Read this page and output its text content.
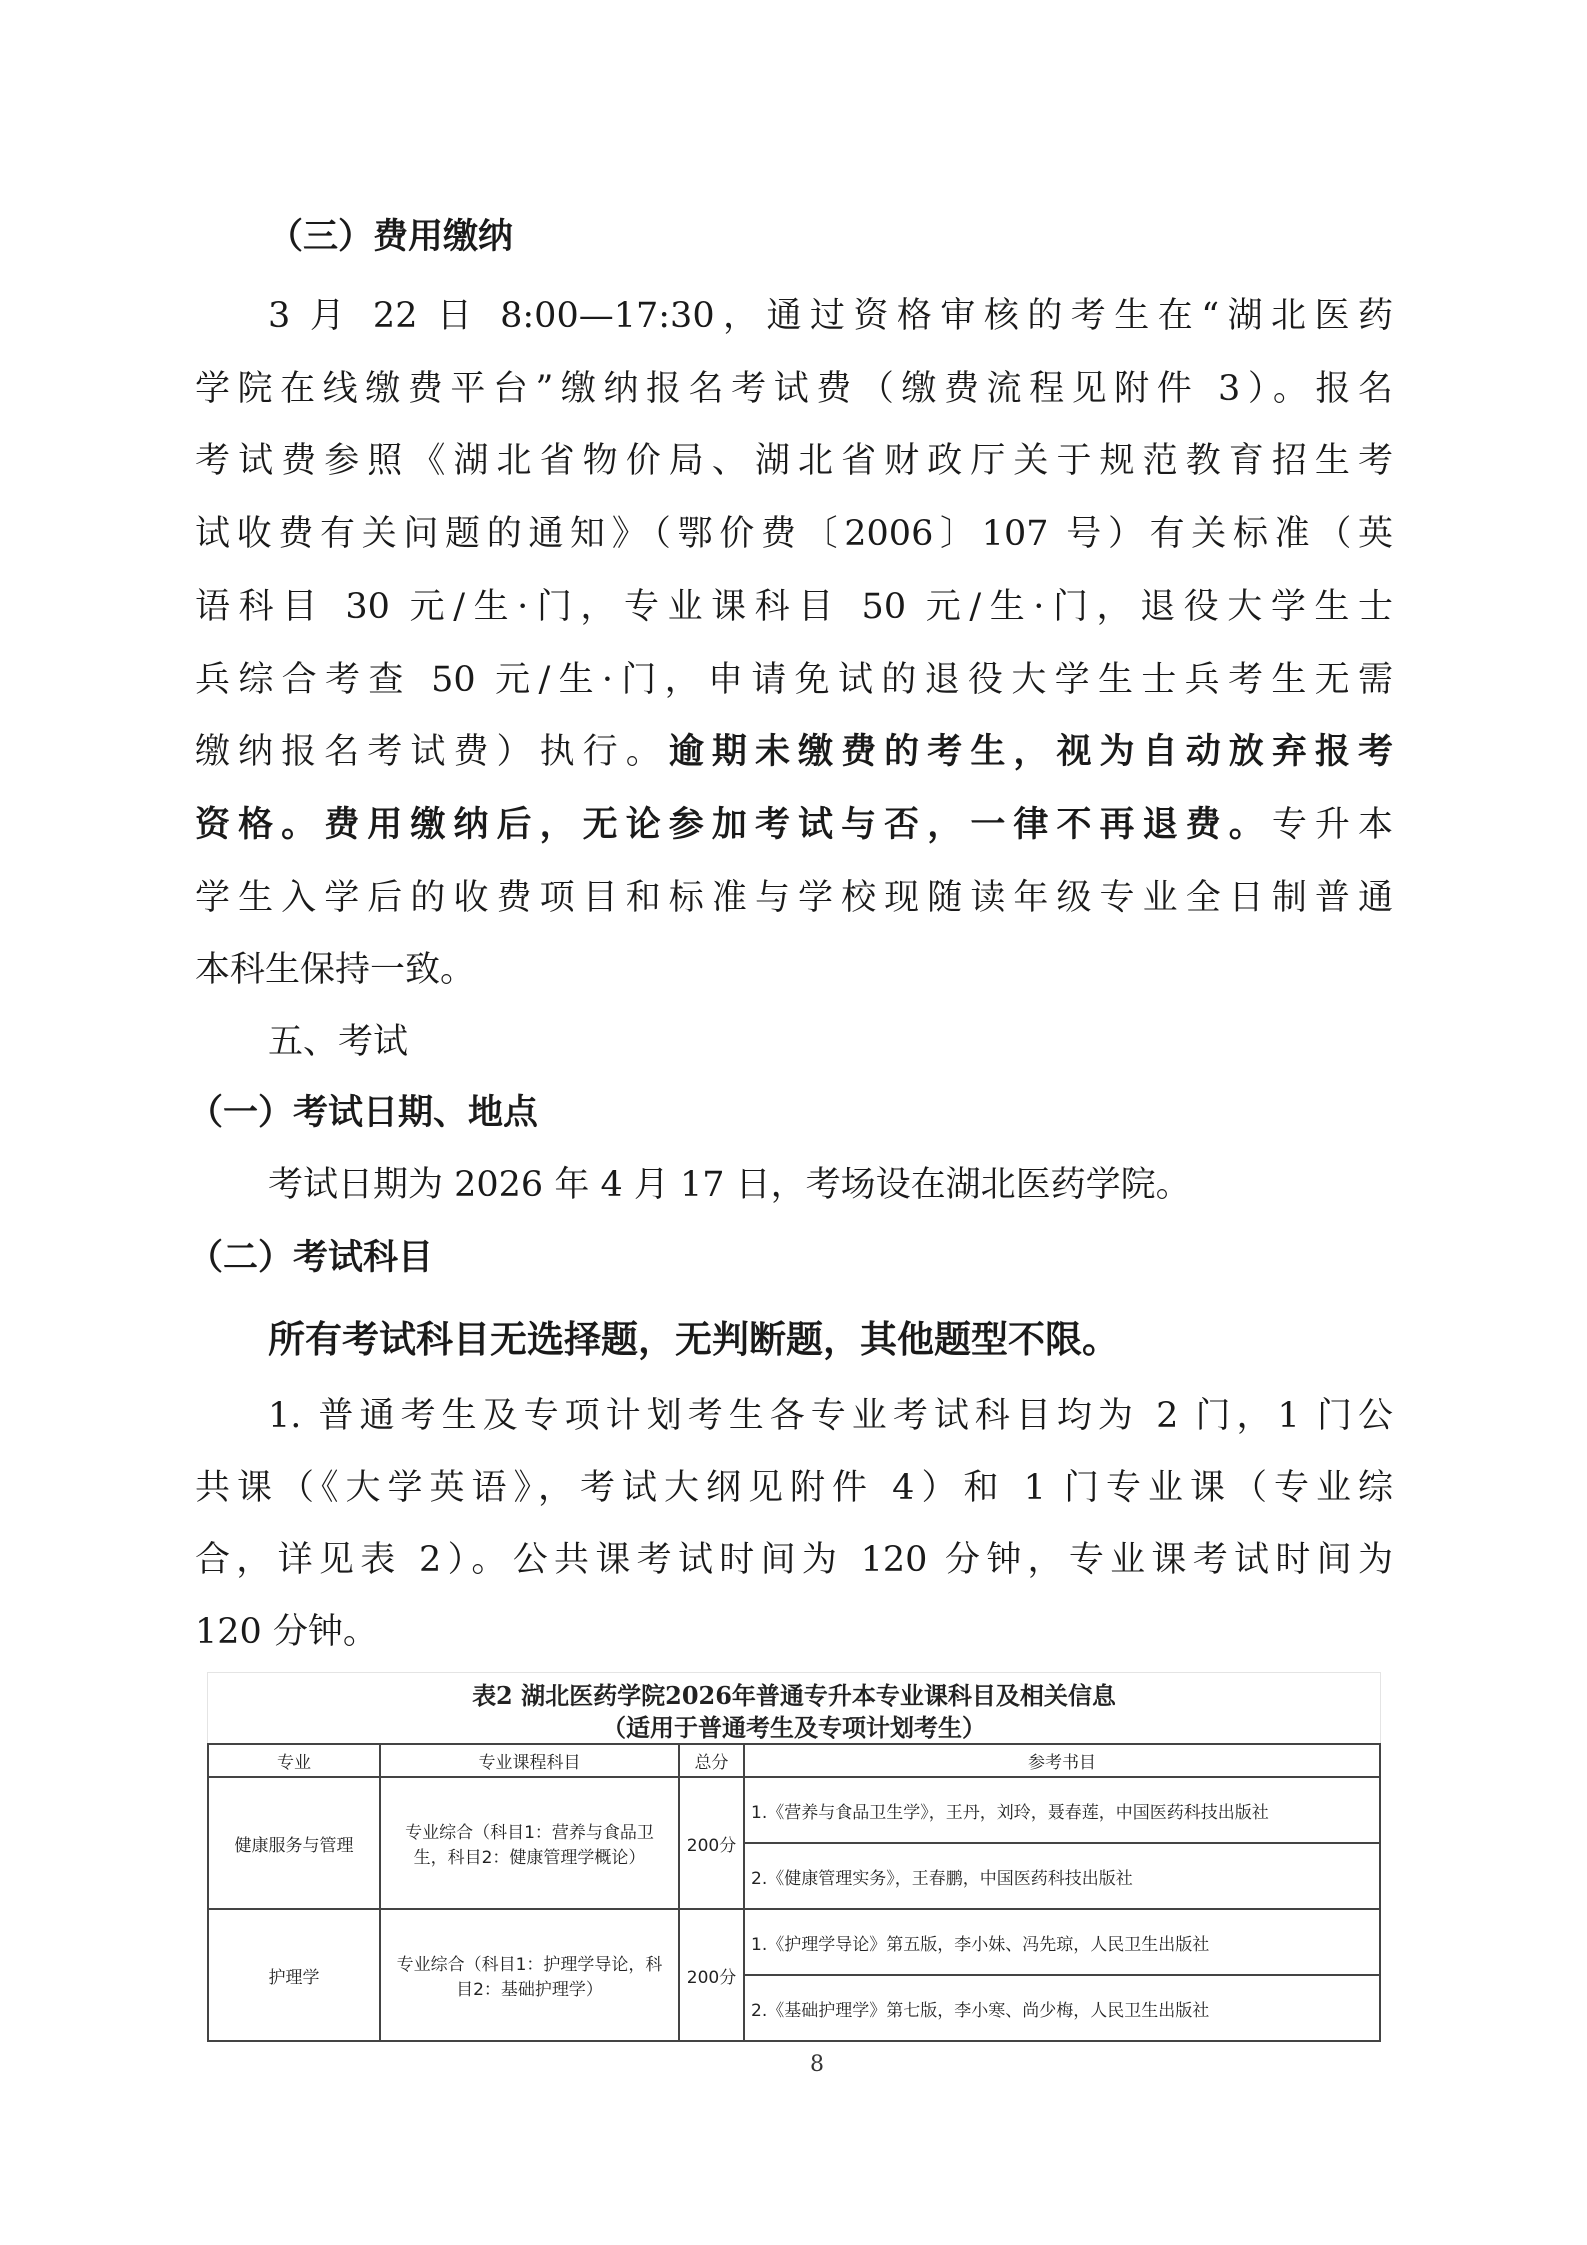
（三）费用缴纳
3 月 22 日 8:00—17:30，通过资格审核的考生在“湖北医药
学院在线缴费平台”缴纳报名考试费（缴费流程见附件 3）。报名
考试费参照《湖北省物价局、湖北省财政厅关于规范教育招生考
试收费有关问题的通知》（鄂价费〔2006〕107 号）有关标准（英
语科目 30 元/生·门，专业课科目 50 元/生·门，退役大学生士
兵综合考查 50 元/生·门，申请免试的退役大学生士兵考生无需
缴纳报名考试费）执行。逾期未缴费的考生，视为自动放弃报考
资格。费用缴纳后，无论参加考试与否，一律不再退费。专升本
学生入学后的收费项目和标准与学校现随读年级专业全日制普通
本科生保持一致。
五、考试
（一）考试日期、地点
考试日期为 2026 年 4 月 17 日，考场设在湖北医药学院。
（二）考试科目
所有考试科目无选择题，无判断题，其他题型不限。
1. 普通考生及专项计划考生各专业考试科目均为 2 门，1 门公
共课（《大学英语》，考试大纲见附件 4）和 1 门专业课（专业综
合，详见表 2）。公共课考试时间为 120 分钟，专业课考试时间为
120 分钟。
表2 湖北医药学院2026年普通专升本专业课科目及相关信息
（适用于普通考生及专项计划考生）
专业	专业课程科目	总分	参考书目
健康服务与管理	专业综合（科目1：营养与食品卫生，科目2：健康管理学概论）	200分	1.《营养与食品卫生学》，王丹，刘玲，聂春莲，中国医药科技出版社
			2.《健康管理实务》，王春鹏，中国医药科技出版社
护理学	专业综合（科目1：护理学导论，科目2：基础护理学）	200分	1.《护理学导论》第五版，李小妹、冯先琼，人民卫生出版社
			2.《基础护理学》第七版，李小寒、尚少梅，人民卫生出版社
8
